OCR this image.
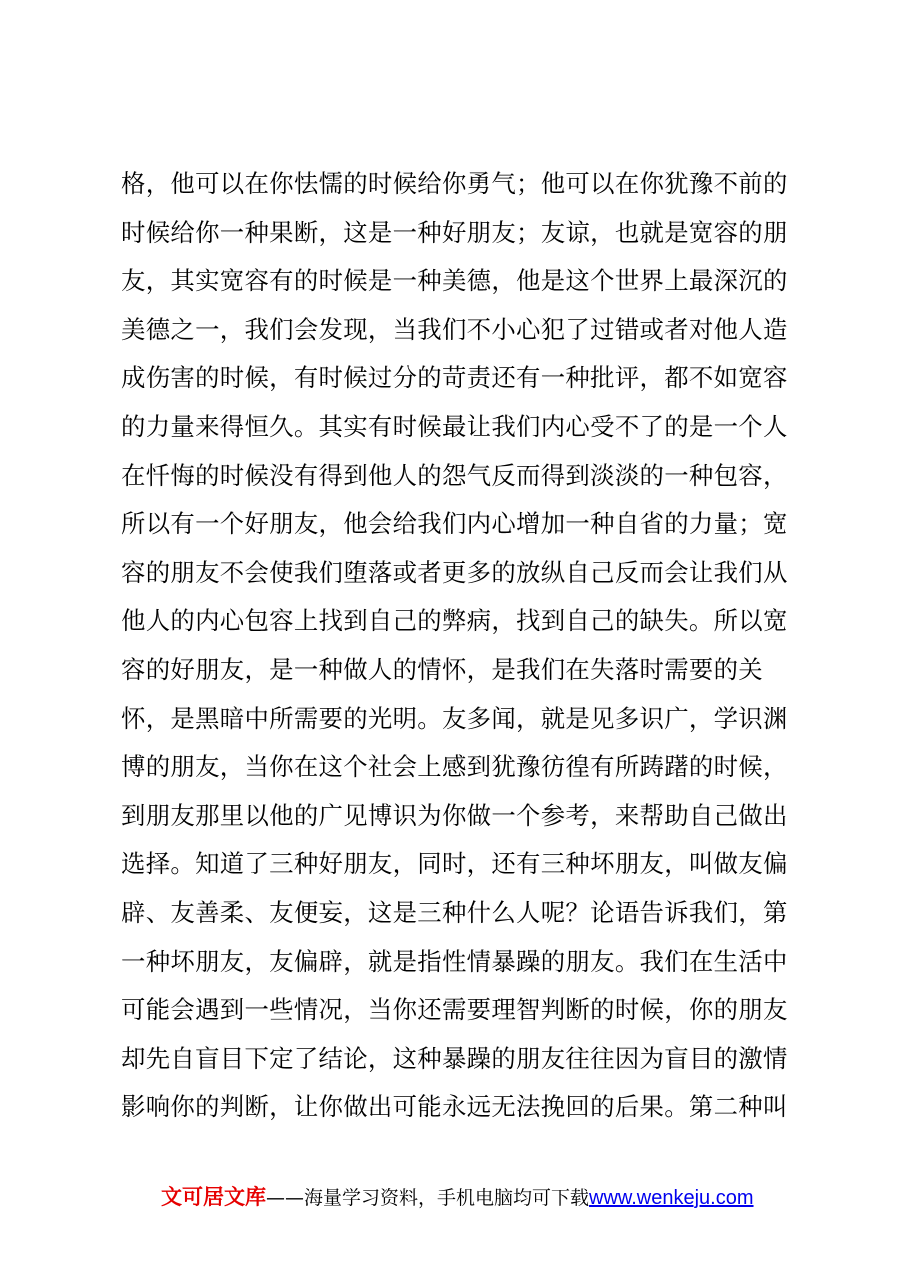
格，他可以在你怯懦的时候给你勇气；他可以在你犹豫不前的
时候给你一种果断，这是一种好朋友；友谅，也就是宽容的朋
友，其实宽容有的时候是一种美德，他是这个世界上最深沉的
美德之一，我们会发现，当我们不小心犯了过错或者对他人造
成伤害的时候，有时候过分的苛责还有一种批评，都不如宽容
的力量来得恒久。其实有时候最让我们内心受不了的是一个人
在忏悔的时候没有得到他人的怨气反而得到淡淡的一种包容，
所以有一个好朋友，他会给我们内心增加一种自省的力量；宽
容的朋友不会使我们堕落或者更多的放纵自己反而会让我们从
他人的内心包容上找到自己的弊病，找到自己的缺失。所以宽
容的好朋友，是一种做人的情怀，是我们在失落时需要的关
怀，是黑暗中所需要的光明。友多闻，就是见多识广，学识渊
博的朋友，当你在这个社会上感到犹豫彷徨有所踌躇的时候，
到朋友那里以他的广见博识为你做一个参考，来帮助自己做出
选择。知道了三种好朋友，同时，还有三种坏朋友，叫做友偏
辟、友善柔、友便妄，这是三种什么人呢？论语告诉我们，第
一种坏朋友，友偏辟，就是指性情暴躁的朋友。我们在生活中
可能会遇到一些情况，当你还需要理智判断的时候，你的朋友
却先自盲目下定了结论，这种暴躁的朋友往往因为盲目的激情
影响你的判断，让你做出可能永远无法挽回的后果。第二种叫
文可居文库——海量学习资料，手机电脑均可下载www.wenkeju.com
